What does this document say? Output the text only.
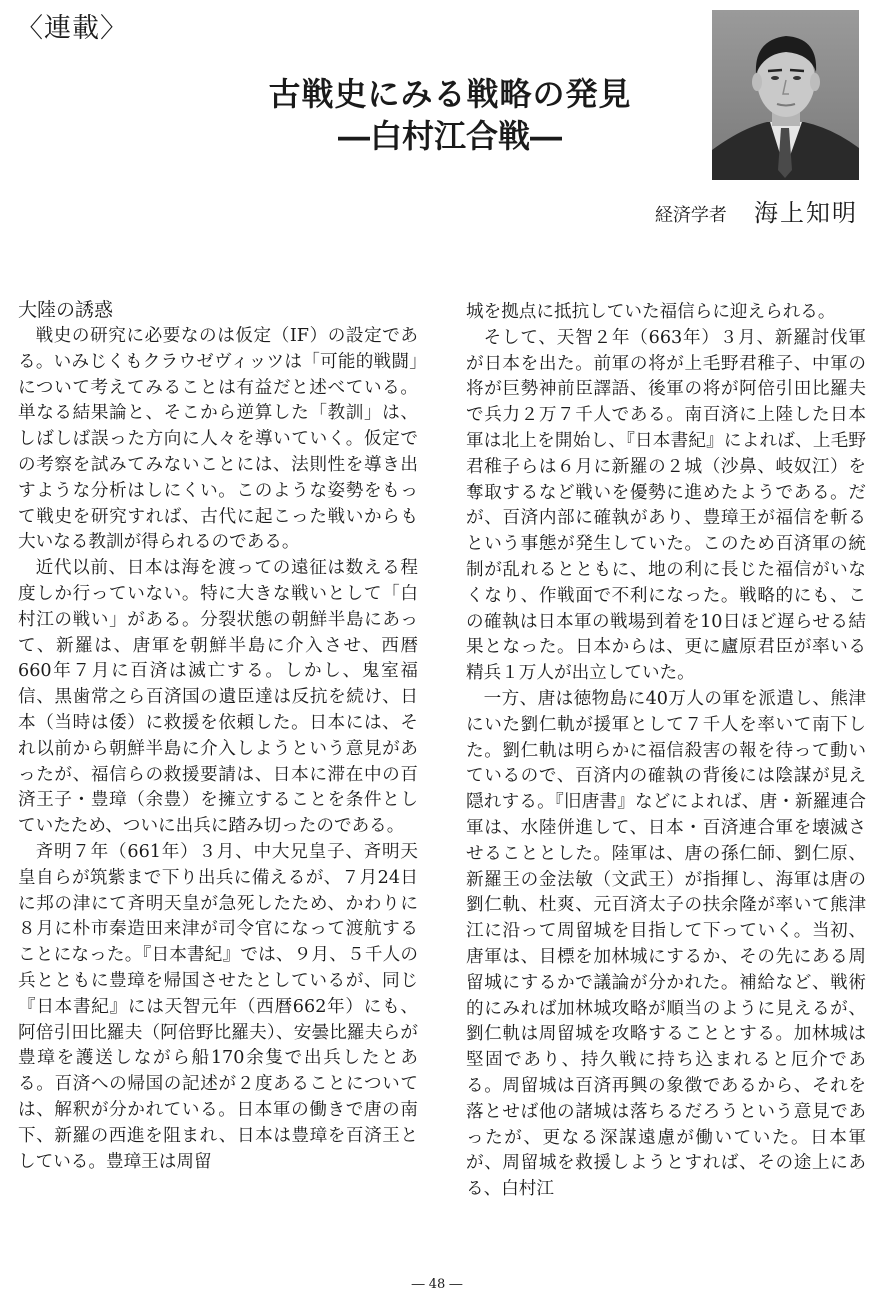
〈連載〉
古戦史にみる戦略の発見
―白村江合戦―
経済学者 海上知明
大陸の誘惑

戦史の研究に必要なのは仮定（IF）の設定である。いみじくもクラウゼヴィッツは「可能的戦闘」について考えてみることは有益だと述べている。単なる結果論と、そこから逆算した「教訓」は、しばしば誤った方向に人々を導いていく。仮定での考察を試みてみないことには、法則性を導き出すような分析はしにくい。このような姿勢をもって戦史を研究すれば、古代に起こった戦いからも大いなる教訓が得られるのである。

近代以前、日本は海を渡っての遠征は数える程度しか行っていない。特に大きな戦いとして「白村江の戦い」がある。分裂状態の朝鮮半島にあって、新羅は、唐軍を朝鮮半島に介入させ、西暦660年７月に百済は滅亡する。しかし、鬼室福信、黒歯常之ら百済国の遺臣達は反抗を続け、日本（当時は倭）に救援を依頼した。日本には、それ以前から朝鮮半島に介入しようという意見があったが、福信らの救援要請は、日本に滞在中の百済王子・豊璋（余豊）を擁立することを条件としていたため、ついに出兵に踏み切ったのである。

斉明７年（661年）３月、中大兄皇子、斉明天皇自らが筑紫まで下り出兵に備えるが、７月24日に邦の津にて斉明天皇が急死したため、かわりに８月に朴市秦造田来津が司令官になって渡航することになった。『日本書紀』では、９月、５千人の兵とともに豊璋を帰国させたとしているが、同じ『日本書紀』には天智元年（西暦662年）にも、阿倍引田比羅夫（阿倍野比羅夫）、安曇比羅夫らが豊璋を護送しながら船170余隻で出兵したとある。百済への帰国の記述が２度あることについては、解釈が分かれている。日本軍の働きで唐の南下、新羅の西進を阻まれ、日本は豊璋を百済王としている。豊璋王は周留

城を拠点に抵抗していた福信らに迎えられる。

そして、天智２年（663年）３月、新羅討伐軍が日本を出た。前軍の将が上毛野君稚子、中軍の将が巨勢神前臣譯語、後軍の将が阿倍引田比羅夫で兵力２万７千人である。南百済に上陸した日本軍は北上を開始し、『日本書紀』によれば、上毛野君稚子らは６月に新羅の２城（沙鼻、岐奴江）を奪取するなど戦いを優勢に進めたようである。だが、百済内部に確執があり、豊璋王が福信を斬るという事態が発生していた。このため百済軍の統制が乱れるとともに、地の利に長じた福信がいなくなり、作戦面で不利になった。戦略的にも、この確執は日本軍の戦場到着を10日ほど遅らせる結果となった。日本からは、更に廬原君臣が率いる精兵１万人が出立していた。

一方、唐は徳物島に40万人の軍を派遣し、熊津にいた劉仁軌が援軍として７千人を率いて南下した。劉仁軌は明らかに福信殺害の報を待って動いているので、百済内の確執の背後には陰謀が見え隠れする。『旧唐書』などによれば、唐・新羅連合軍は、水陸併進して、日本・百済連合軍を壊滅させることとした。陸軍は、唐の孫仁師、劉仁原、新羅王の金法敏（文武王）が指揮し、海軍は唐の劉仁軌、杜爽、元百済太子の扶余隆が率いて熊津江に沿って周留城を目指して下っていく。当初、唐軍は、目標を加林城にするか、その先にある周留城にするかで議論が分かれた。補給など、戦術的にみれば加林城攻略が順当のように見えるが、劉仁軌は周留城を攻略することとする。加林城は堅固であり、持久戦に持ち込まれると厄介である。周留城は百済再興の象徴であるから、それを落とせば他の諸城は落ちるだろうという意見であったが、更なる深謀遠慮が働いていた。日本軍が、周留城を救援しようとすれば、その途上にある、白村江

― 48 ―
